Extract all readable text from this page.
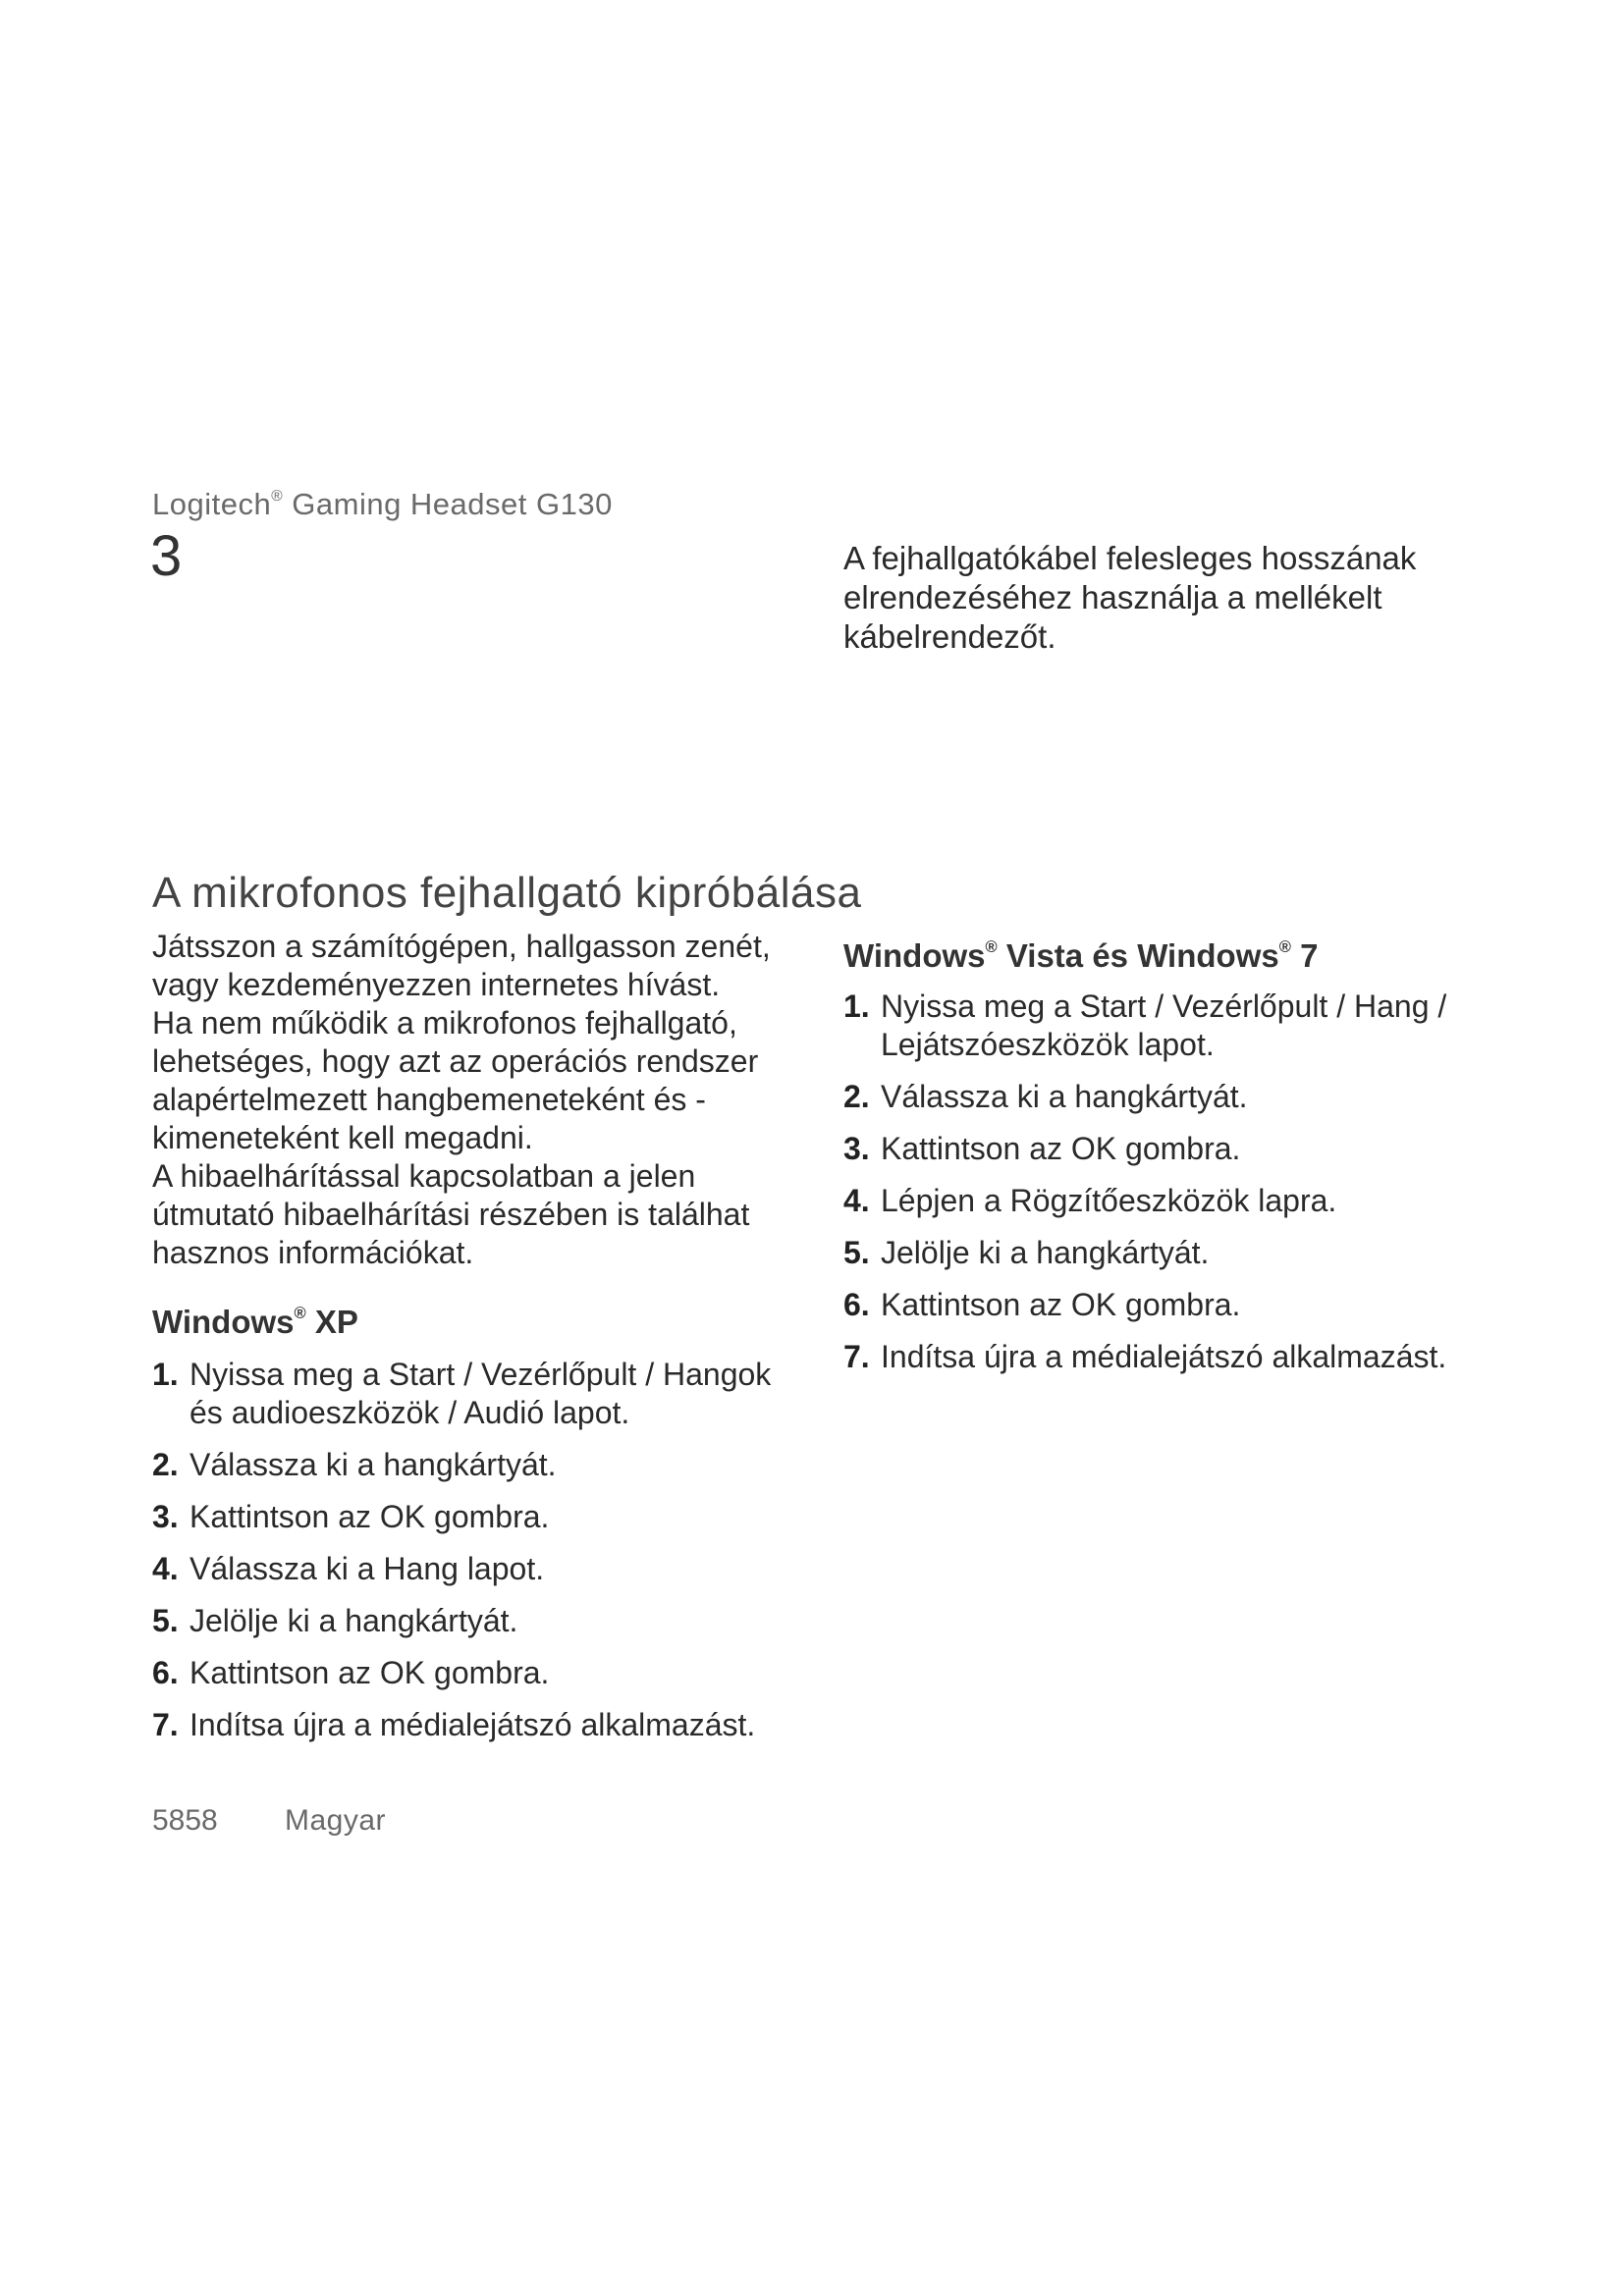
Logitech® Gaming Headset G130
3	A fejhallgatókábel felesleges hosszának elrendezéséhez használja a mellékelt kábelrendezőt.
A mikrofonos fejhallgató kipróbálása

Játsszon a számítógépen, hallgasson zenét, vagy kezdeményezzen internetes hívást.

Ha nem működik a mikrofonos fejhallgató, lehetséges, hogy azt az operációs rendszer alapértelmezett hangbemeneteként és -kimeneteként kell megadni.

A hibaelhárítással kapcsolatban a jelen útmutató hibaelhárítási részében is találhat hasznos információkat.

Windows® XP
1. Nyissa meg a Start / Vezérlőpult / Hangok és audioeszközök / Audió lapot.
2. Válassza ki a hangkártyát.
3. Kattintson az OK gombra.
4. Válassza ki a Hang lapot.
5. Jelölje ki a hangkártyát.
6. Kattintson az OK gombra.
7. Indítsa újra a médialejátszó alkalmazást.
Windows® Vista és Windows® 7
1. Nyissa meg a Start / Vezérlőpult / Hang / Lejátszóeszközök lapot.
2. Válassza ki a hangkártyát.
3. Kattintson az OK gombra.
4. Lépjen a Rögzítőeszközök lapra.
5. Jelölje ki a hangkártyát.
6. Kattintson az OK gombra.
7. Indítsa újra a médialejátszó alkalmazást.
5858 Magyar
